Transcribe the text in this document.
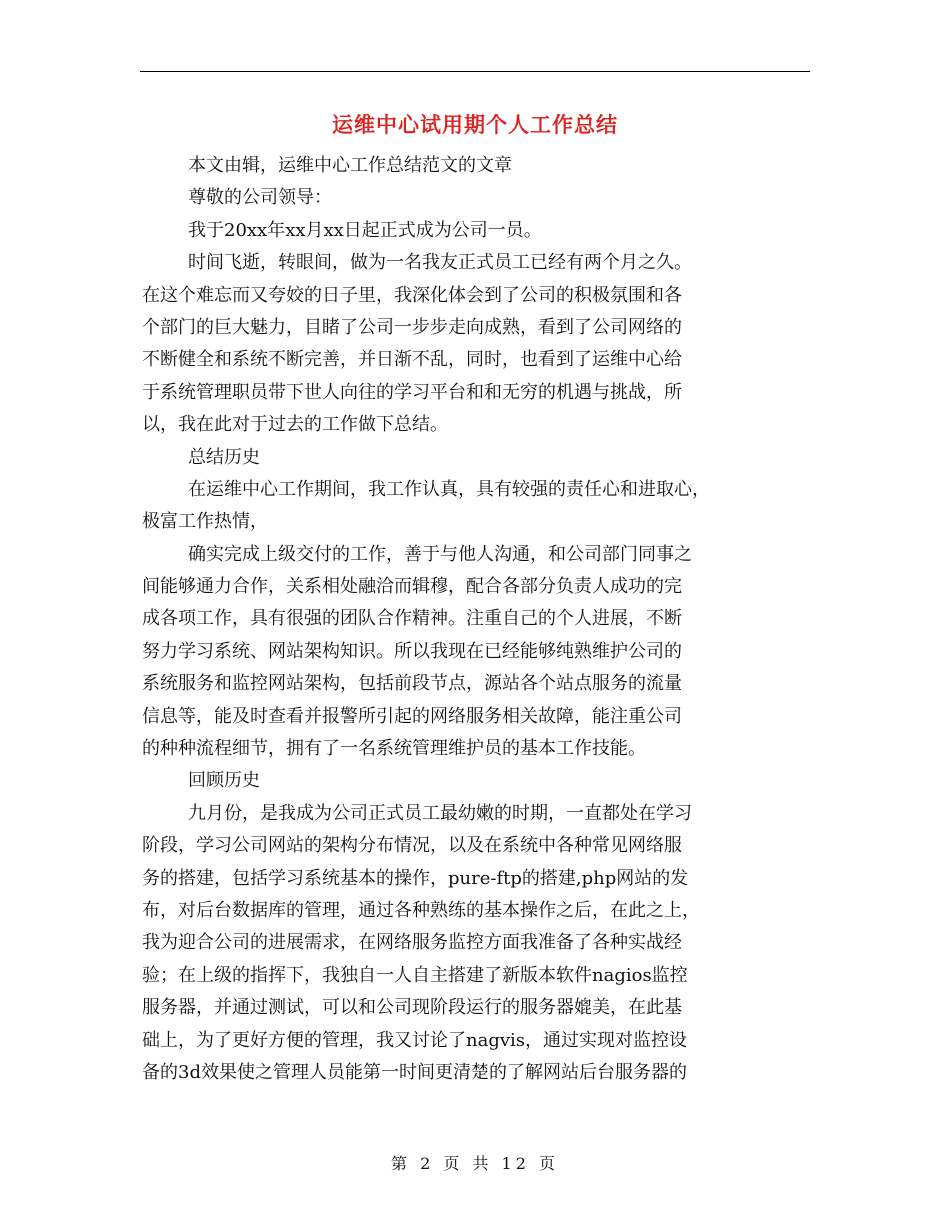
运维中心试用期个人工作总结
本文由辑，运维中心工作总结范文的文章
尊敬的公司领导：
我于20xx年xx月xx日起正式成为公司一员。
时间飞逝，转眼间，做为一名我友正式员工已经有两个月之久。
在这个难忘而又夸姣的日子里，我深化体会到了公司的积极氛围和各
个部门的巨大魅力，目睹了公司一步步走向成熟，看到了公司网络的
不断健全和系统不断完善，并日渐不乱，同时，也看到了运维中心给
于系统管理职员带下世人向往的学习平台和和无穷的机遇与挑战，所
以，我在此对于过去的工作做下总结。
总结历史
在运维中心工作期间，我工作认真，具有较强的责任心和进取心，
极富工作热情，
确实完成上级交付的工作，善于与他人沟通，和公司部门同事之
间能够通力合作，关系相处融洽而辑穆，配合各部分负责人成功的完
成各项工作，具有很强的团队合作精神。注重自己的个人进展，不断
努力学习系统、网站架构知识。所以我现在已经能够纯熟维护公司的
系统服务和监控网站架构，包括前段节点，源站各个站点服务的流量
信息等，能及时查看并报警所引起的网络服务相关故障，能注重公司
的种种流程细节，拥有了一名系统管理维护员的基本工作技能。
回顾历史
九月份，是我成为公司正式员工最幼嫩的时期，一直都处在学习
阶段，学习公司网站的架构分布情况，以及在系统中各种常见网络服
务的搭建，包括学习系统基本的操作，pure-ftp的搭建,php网站的发
布，对后台数据库的管理，通过各种熟练的基本操作之后，在此之上，
我为迎合公司的进展需求，在网络服务监控方面我准备了各种实战经
验；在上级的指挥下，我独自一人自主搭建了新版本软件nagios监控
服务器，并通过测试，可以和公司现阶段运行的服务器媲美，在此基
础上，为了更好方便的管理，我又讨论了nagvis，通过实现对监控设
备的3d效果使之管理人员能第一时间更清楚的了解网站后台服务器的
第 2 页 共 12 页
